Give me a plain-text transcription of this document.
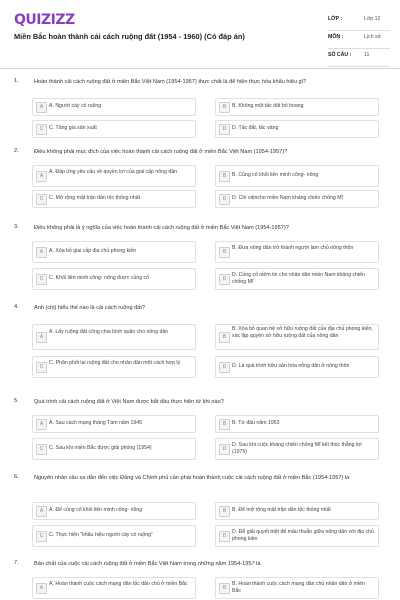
QUIZIZZ
Miền Bắc hoàn thành cải cách ruộng đất (1954 - 1960) (Có đáp án)
LỚP :	Lớp 12
MÔN :	Lịch sử
SỐ CÂU : 11
1.	Hoàn thành cải cách ruộng đất ở miền Bắc Việt Nam (1954-1957) thực chất là để hiện thực hóa khẩu hiệu gì?
A	A. Người cày có ruộng	B	B. Không một tấc đất bỏ hoang
C	C. Tăng gia sản xuất	D	D. Tấc đất, tấc vàng
2.	Điều không phải mục đích của việc hoàn thành cải cách ruộng đất ở miền Bắc Việt Nam (1954-1957)?
A
A. Đáp ứng yêu cầu về quyền lợi của giai cấp nông dân
B	B. Củng cố khối liên minh công- nông
C	C. Mở rộng mặt trận dân tộc thống nhất	D	D. Chi việncho miền Nam kháng chiến chống Mĩ
3.	Điều không phải là ý nghĩa của việc hoàn thành cải cách ruộng đất ở miền Bắc Việt Nam (1954-1957)?
A	A. Xóa bỏ giai cấp địa chủ phong kiến	B
B. Đưa nông dân trở thành người làm chủ nông thôn
C	C. Khối liên minh công- nông được củng cố	D
D. Củng cố niềm tin cho nhân dân miền Nam kháng chiến chống Mĩ
4.	Anh (chị) hiểu thế nào là cải cách ruộng đất?
A
A. Lấy ruộng đất công chia bình quân cho nông dân
B
B. Xóa bỏ quan hệ sở hữu ruộng đất của địa chủ phong kiến, xác lập quyền sở hữu ruộng đất của nông dân
C
C. Phân phối lại ruộng đất cho nhân dân một cách hợp lý
D	D. Là quá trình hữu sản hóa nông dân ở nông thôn
5.	Quá trình cải cách ruộng đất ở Việt Nam được bắt đầu thực hiện từ khi nào?
A	A. Sau cách mạng tháng Tám năm 1945	B	B. Từ đầu năm 1953
C	C. Sau khi miền Bắc được giải phóng (1954)	D
D. Sau khi cuộc kháng chiến chống Mĩ kết thúc thắng lợi (1975)
6.	Nguyên nhân sâu xa dẫn đến việc Đảng và Chính phủ cần phải hoàn thành cuộc cải cách ruộng đất ở miền Bắc (1954-1957) là
A	A. Để củng cố khối liên minh công- nông	B	B. Để mở rộng mặt trận dân tộc thống nhất
C	C. Thực hiện "khẩu hiệu người cày có ruộng"	D
D. Để giải quyết triệt để mâu thuẫn giữa nông dân với địa chủ phong kiến
7.	Bản chất của cuộc cải cách ruộng đất ở miền Bắc Việt Nam trong những năm 1954-1957 là
A
A. Hoàn thành cuộc cách mạng dân tộc dân chủ ở miền Bắc
B
B. Hoàn thành cuộc cách mạng dân chủ nhân dân ở miền Bắc
